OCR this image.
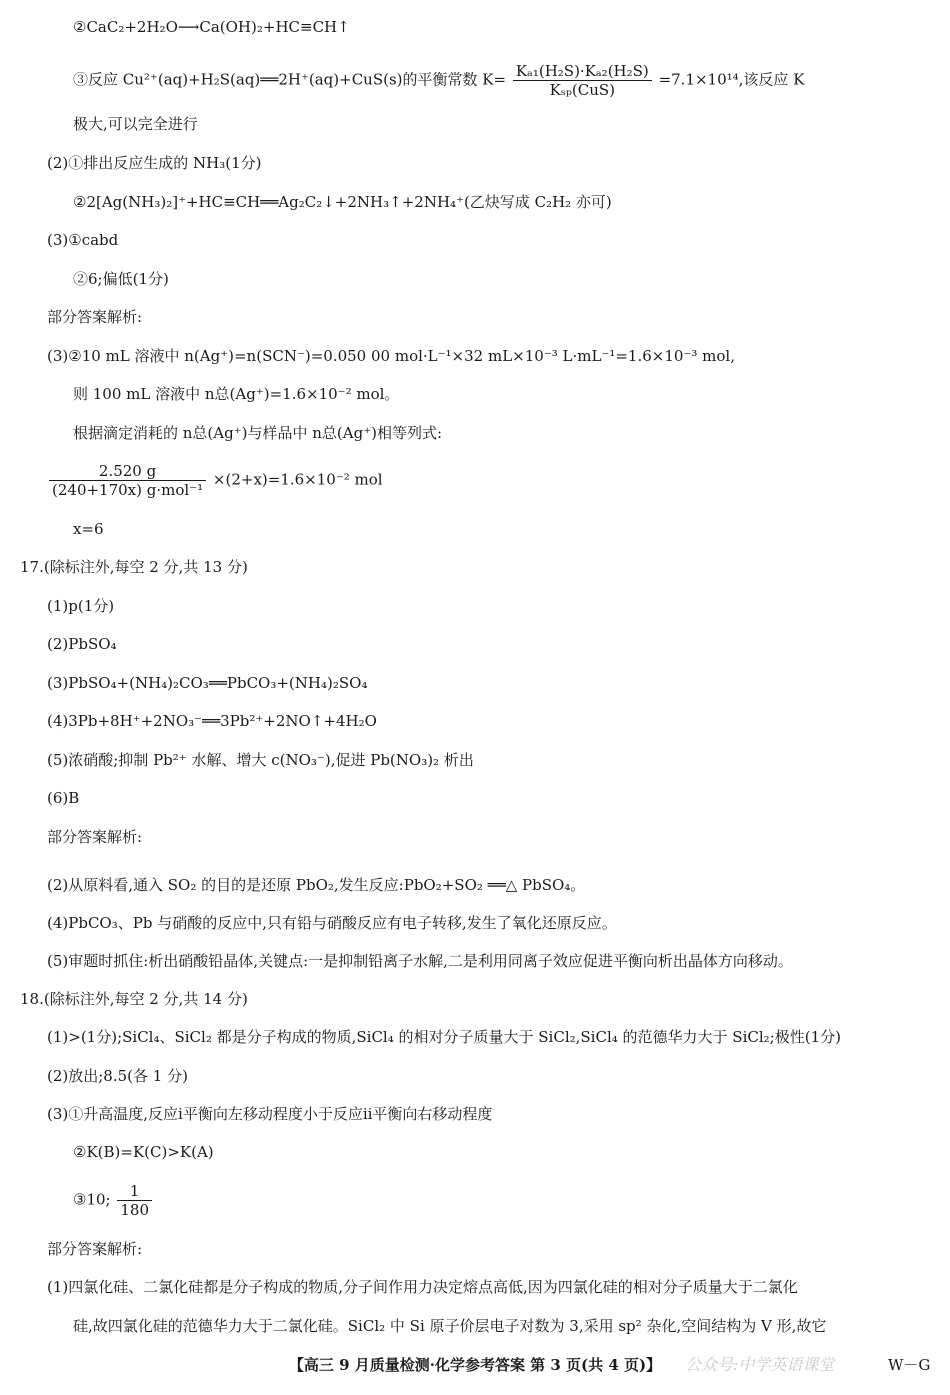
②CaC₂+2H₂O⟶Ca(OH)₂+HC≡CH↑
极大,可以完全进行
(2)①排出反应生成的 NH₃(1分)
②2[Ag(NH₃)₂]⁺+HC≡CH══Ag₂C₂↓+2NH₃↑+2NH₄⁺(乙炔写成 C₂H₂ 亦可)
(3)①cabd
②6;偏低(1分)
部分答案解析:
(3)②10 mL 溶液中 n(Ag⁺)=n(SCN⁻)=0.050 00 mol·L⁻¹×32 mL×10⁻³ L·mL⁻¹=1.6×10⁻³ mol,
则 100 mL 溶液中 n总(Ag⁺)=1.6×10⁻² mol。
根据滴定消耗的 n总(Ag⁺)与样品中 n总(Ag⁺)相等列式:
x=6
17.(除标注外,每空 2 分,共 13 分)
(1)p(1分)
(2)PbSO₄
(3)PbSO₄+(NH₄)₂CO₃══PbCO₃+(NH₄)₂SO₄
(4)3Pb+8H⁺+2NO₃⁻══3Pb²⁺+2NO↑+4H₂O
(5)浓硝酸;抑制 Pb²⁺ 水解、增大 c(NO₃⁻),促进 Pb(NO₃)₂ 析出
(6)B
部分答案解析:
(2)从原料看,通入 SO₂ 的目的是还原 PbO₂,发生反应:PbO₂+SO₂ ══△ PbSO₄。
(4)PbCO₃、Pb 与硝酸的反应中,只有铅与硝酸反应有电子转移,发生了氧化还原反应。
(5)审题时抓住:析出硝酸铅晶体,关键点:一是抑制铅离子水解,二是利用同离子效应促进平衡向析出晶体方向移动。
18.(除标注外,每空 2 分,共 14 分)
(1)>(1分);SiCl₄、SiCl₂ 都是分子构成的物质,SiCl₄ 的相对分子质量大于 SiCl₂,SiCl₄ 的范德华力大于 SiCl₂;极性(1分)
(2)放出;8.5(各 1 分)
(3)①升高温度,反应ⅰ平衡向左移动程度小于反应ⅱ平衡向右移动程度
②K(B)=K(C)>K(A)
部分答案解析:
(1)四氯化硅、二氯化硅都是分子构成的物质,分子间作用力决定熔点高低,因为四氯化硅的相对分子质量大于二氯化
硅,故四氯化硅的范德华力大于二氯化硅。SiCl₂ 中 Si 原子价层电子对数为 3,采用 sp² 杂化,空间结构为 V 形,故它
③反应 Cu²⁺(aq)+H₂S(aq)══2H⁺(aq)+CuS(s)的平衡常数 $K= \frac{\text{Kₐ₁(H₂S)·Kₐ₂(H₂S)}}{\text{Kₛₚ(CuS)}} =7.1\times 10^{14}$,该反应 K
$\frac{2.520 g}{\text{(240+170x) g·mol⁻¹}} \times(2+x)=1.6\times 10^{-2}$ mol
③10; $\frac{1}{180}$
【高三 9 月质量检测·化学参考答案 第 3 页(共 4 页)】	公众号:中学英语课堂	W－G
